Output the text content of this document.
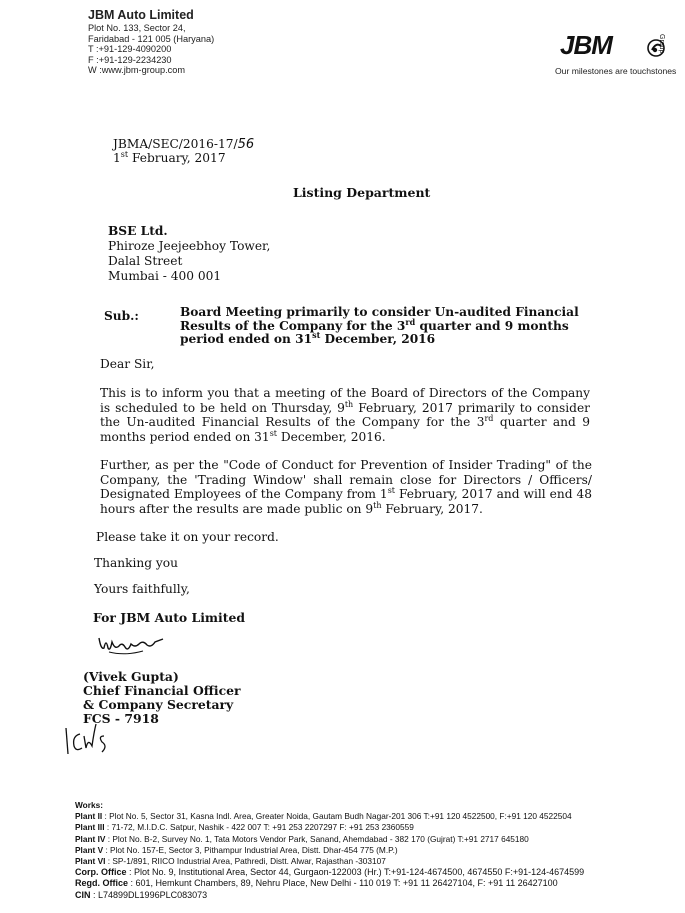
JBM Auto Limited
Plot No. 133, Sector 24,
Faridabad - 121 005 (Haryana)
T :+91-129-4090200
F :+91-129-2234230
W :www.jbm-group.com
JBM	Group
Our milestones are touchstones
JBMA/SEC/2016-17/56
1st February, 2017
Listing Department
BSE Ltd.
Phiroze Jeejeebhoy Tower,
Dalal Street
Mumbai - 400 001
Sub.:	Board Meeting primarily to consider Un-audited Financial Results of the Company for the 3rd quarter and 9 months period ended on 31st December, 2016
Dear Sir,
This is to inform you that a meeting of the Board of Directors of the Company is scheduled to be held on Thursday, 9th February, 2017 primarily to consider the Un-audited Financial Results of the Company for the 3rd quarter and 9 months period ended on 31st December, 2016.
Further, as per the "Code of Conduct for Prevention of Insider Trading" of the Company, the 'Trading Window' shall remain close for Directors / Officers/ Designated Employees of the Company from 1st February, 2017 and will end 48 hours after the results are made public on 9th February, 2017.
Please take it on your record.
Thanking you
Yours faithfully,
For JBM Auto Limited
(Vivek Gupta)
Chief Financial Officer
& Company Secretary
FCS - 7918
Works:
Plant II : Plot No. 5, Sector 31, Kasna Indl. Area, Greater Noida, Gautam Budh Nagar-201 306 T:+91 120 4522500, F:+91 120 4522504
Plant III : 71-72, M.I.D.C. Satpur, Nashik - 422 007 T: +91 253 2207297 F: +91 253 2360559
Plant IV : Plot No. B-2, Survey No. 1, Tata Motors Vendor Park, Sanand, Ahemdabad - 382 170 (Gujrat) T:+91 2717 645180
Plant V : Plot No. 157-E, Sector 3, Pithampur Industrial Area, Distt. Dhar-454 775 (M.P.)
Plant VI : SP-1/891, RIICO Industrial Area, Pathredi, Distt. Alwar, Rajasthan -303107
Corp. Office : Plot No. 9, Institutional Area, Sector 44, Gurgaon-122003 (Hr.) T:+91-124-4674500, 4674550 F:+91-124-4674599
Regd. Office : 601, Hemkunt Chambers, 89, Nehru Place, New Delhi - 110 019 T: +91 11 26427104, F: +91 11 26427100
CIN : L74899DL1996PLC083073
